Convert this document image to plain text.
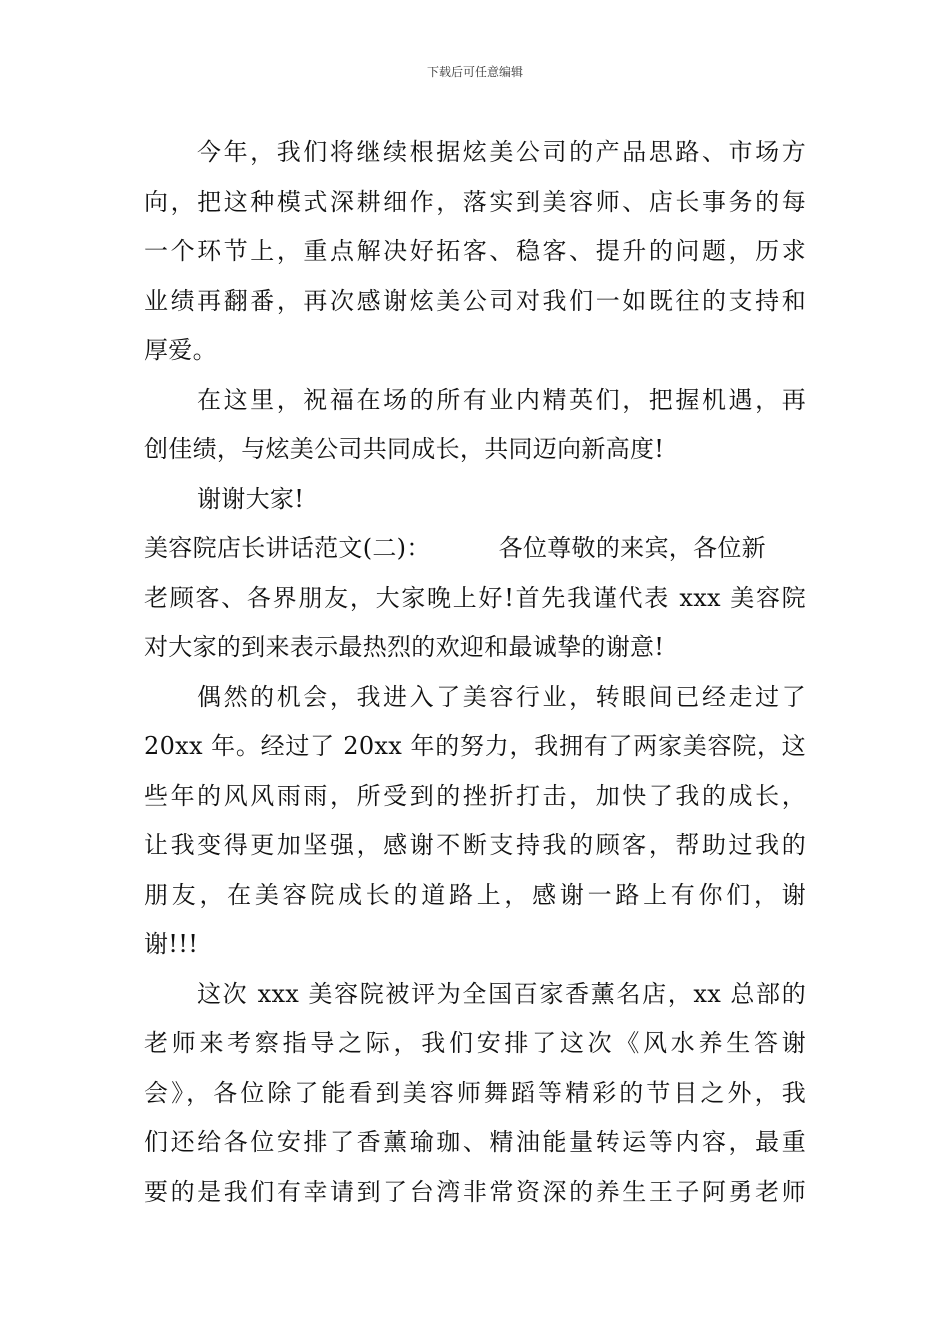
下载后可任意编辑
今年，我们将继续根据炫美公司的产品思路、市场方
向，把这种模式深耕细作，落实到美容师、店长事务的每
一个环节上，重点解决好拓客、稳客、提升的问题，历求
业绩再翻番，再次感谢炫美公司对我们一如既往的支持和
厚爱。
在这里，祝福在场的所有业内精英们，把握机遇，再
创佳绩，与炫美公司共同成长，共同迈向新高度!
谢谢大家!
美容院店长讲话范文(二)：	各位尊敬的来宾，各位新
老顾客、各界朋友，大家晚上好!首先我谨代表 xxx 美容院
对大家的到来表示最热烈的欢迎和最诚挚的谢意!
偶然的机会，我进入了美容行业，转眼间已经走过了
20xx 年。经过了 20xx 年的努力，我拥有了两家美容院，这
些年的风风雨雨，所受到的挫折打击，加快了我的成长，
让我变得更加坚强，感谢不断支持我的顾客，帮助过我的
朋友，在美容院成长的道路上，感谢一路上有你们，谢
谢!!!
这次 xxx 美容院被评为全国百家香薰名店，xx 总部的
老师来考察指导之际，我们安排了这次《风水养生答谢
会》，各位除了能看到美容师舞蹈等精彩的节目之外，我
们还给各位安排了香薰瑜珈、精油能量转运等内容，最重
要的是我们有幸请到了台湾非常资深的养生王子阿勇老师
